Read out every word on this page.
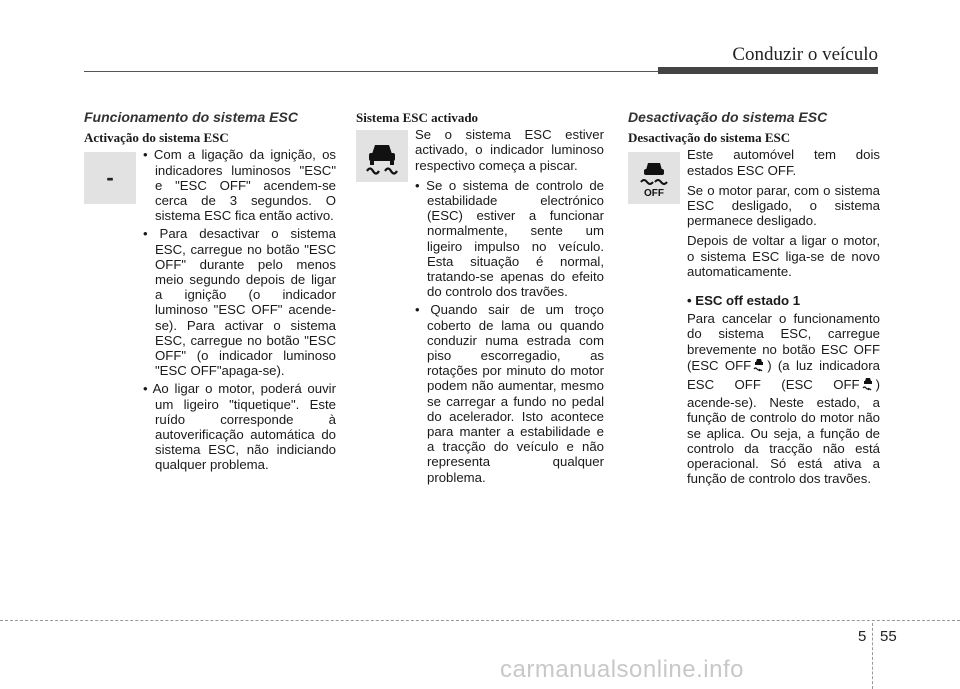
Conduzir o veículo
Funcionamento do sistema ESC
Activação do sistema ESC
-
• Com a ligação da ignição, os indicadores luminosos "ESC" e "ESC OFF" acendem-se cerca de 3 segundos. O sistema ESC fica então activo.
• Para desactivar o sistema ESC, carregue no botão "ESC OFF" durante pelo menos meio segundo depois de ligar a ignição (o indicador luminoso "ESC OFF" acende-se). Para activar o sistema ESC, carregue no botão "ESC OFF" (o indicador luminoso "ESC OFF"apaga-se).
• Ao ligar o motor, poderá ouvir um ligeiro "tiquetique". Este ruído corresponde à autoverificação automática do sistema ESC, não indiciando qualquer problema.
Sistema ESC activado

Se o sistema ESC estiver activado, o indicador luminoso respectivo começa a piscar.

• Se o sistema de controlo de estabilidade electrónico (ESC) estiver a funcionar normalmente, sente um ligeiro impulso no veículo. Esta situação é normal, tratando-se apenas do efeito do controlo dos travões.
• Quando sair de um troço coberto de lama ou quando conduzir numa estrada com piso escorregadio, as rotações por minuto do motor podem não aumentar, mesmo se carregar a fundo no pedal do acelerador. Isto acontece para manter a estabilidade e a tracção do veículo e não representa qualquer problema.
Desactivação do sistema ESC
Desactivação do sistema ESC
OFF

Este automóvel tem dois estados ESC OFF.

Se o motor parar, com o sistema ESC desligado, o sistema permanece desligado.

Depois de voltar a ligar o motor, o sistema ESC liga-se de novo automaticamente.

• ESC off estado 1

Para cancelar o funcionamento do sistema ESC, carregue brevemente no botão ESC OFF (ESC OFF ) (a luz indicadora ESC OFF (ESC OFF ) acende-se). Neste estado, a função de controlo do motor não se aplica. Ou seja, a função de controlo da tracção não está operacional. Só está ativa a função de controlo dos travões.

5 55
carmanualsonline.info
